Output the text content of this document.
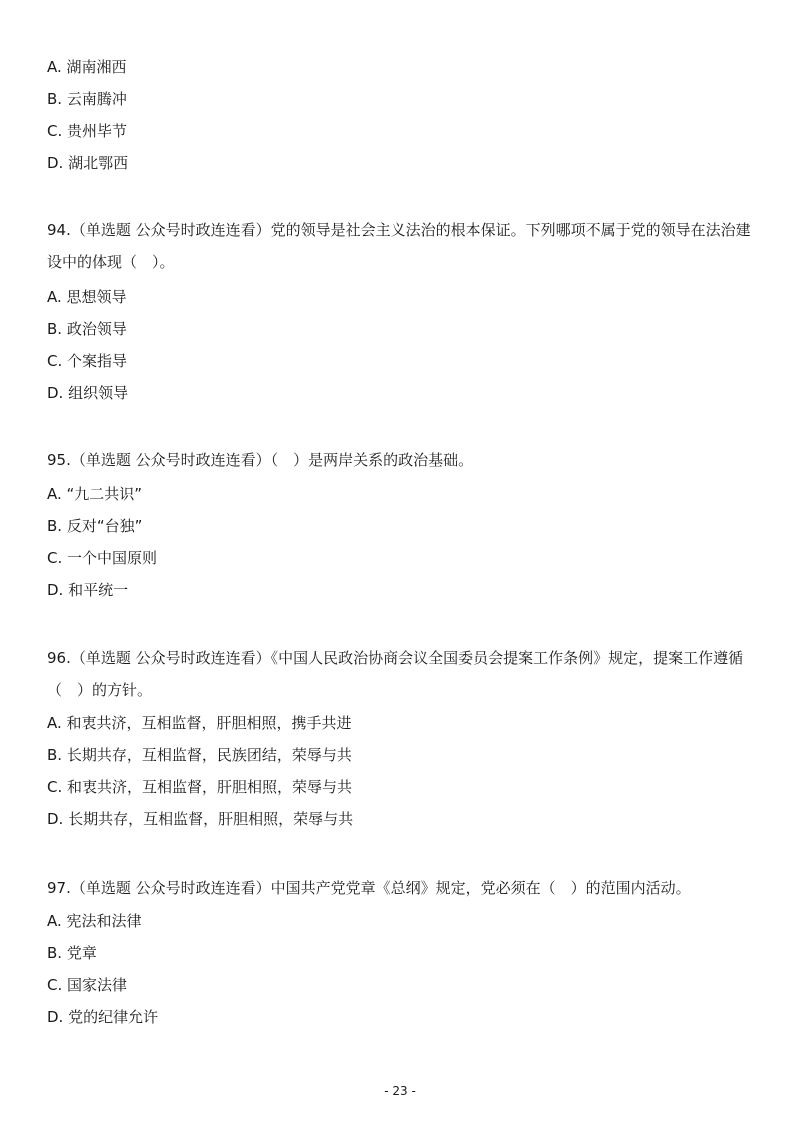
A. 湖南湘西
B. 云南腾冲
C. 贵州毕节
D. 湖北鄂西
94.（单选题 公众号时政连连看）党的领导是社会主义法治的根本保证。下列哪项不属于党的领导在法治建设中的体现（　）。
A. 思想领导
B. 政治领导
C. 个案指导
D. 组织领导
95.（单选题 公众号时政连连看）（　）是两岸关系的政治基础。
A. “九二共识”
B. 反对“台独”
C. 一个中国原则
D. 和平统一
96.（单选题 公众号时政连连看）《中国人民政治协商会议全国委员会提案工作条例》规定，提案工作遵循（　）的方针。
A. 和衷共济，互相监督，肝胆相照，携手共进
B. 长期共存，互相监督，民族团结，荣辱与共
C. 和衷共济，互相监督，肝胆相照，荣辱与共
D. 长期共存，互相监督，肝胆相照，荣辱与共
97.（单选题 公众号时政连连看）中国共产党党章《总纲》规定，党必须在（　）的范围内活动。
A. 宪法和法律
B. 党章
C. 国家法律
D. 党的纪律允许
- 23 -
